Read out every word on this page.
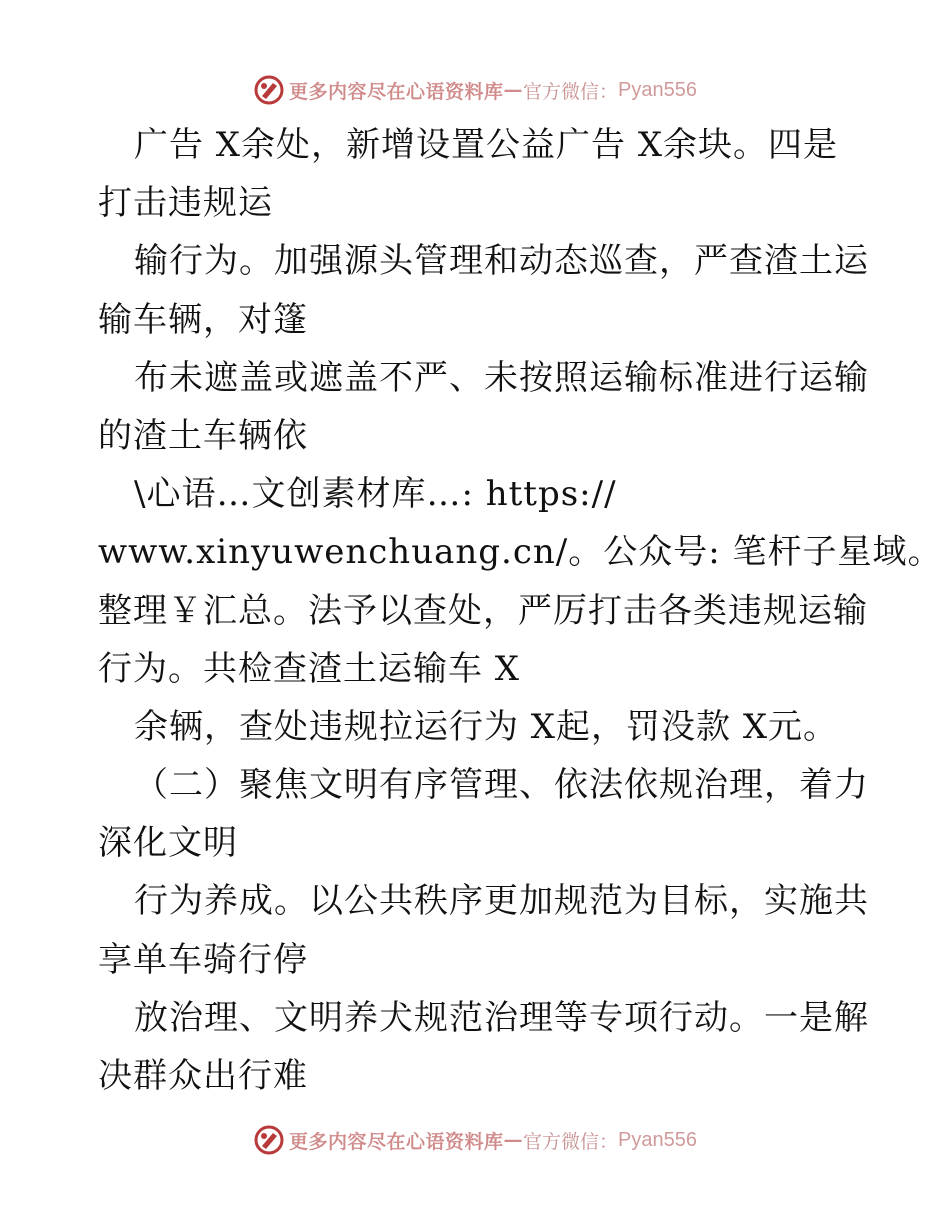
更多内容尽在心语资料库 — 官方微信： Pyan556
广告 X余处，新增设置公益广告 X余块。四是
打击违规运
输行为。加强源头管理和动态巡查，严查渣土运
输车辆，对篷
布未遮盖或遮盖不严、未按照运输标准进行运输
的渣土车辆依
\心语…文创素材库…: https://
www.xinyuwenchuang.cn/。公众号: 笔杆子星域。
整理￥汇总。法予以查处，严厉打击各类违规运输
行为。共检查渣土运输车 X
余辆，查处违规拉运行为 X起，罚没款 X元。
（二）聚焦文明有序管理、依法依规治理，着力
深化文明
行为养成。以公共秩序更加规范为目标，实施共
享单车骑行停
放治理、文明养犬规范治理等专项行动。一是解
决群众出行难
更多内容尽在心语资料库 — 官方微信： Pyan556
